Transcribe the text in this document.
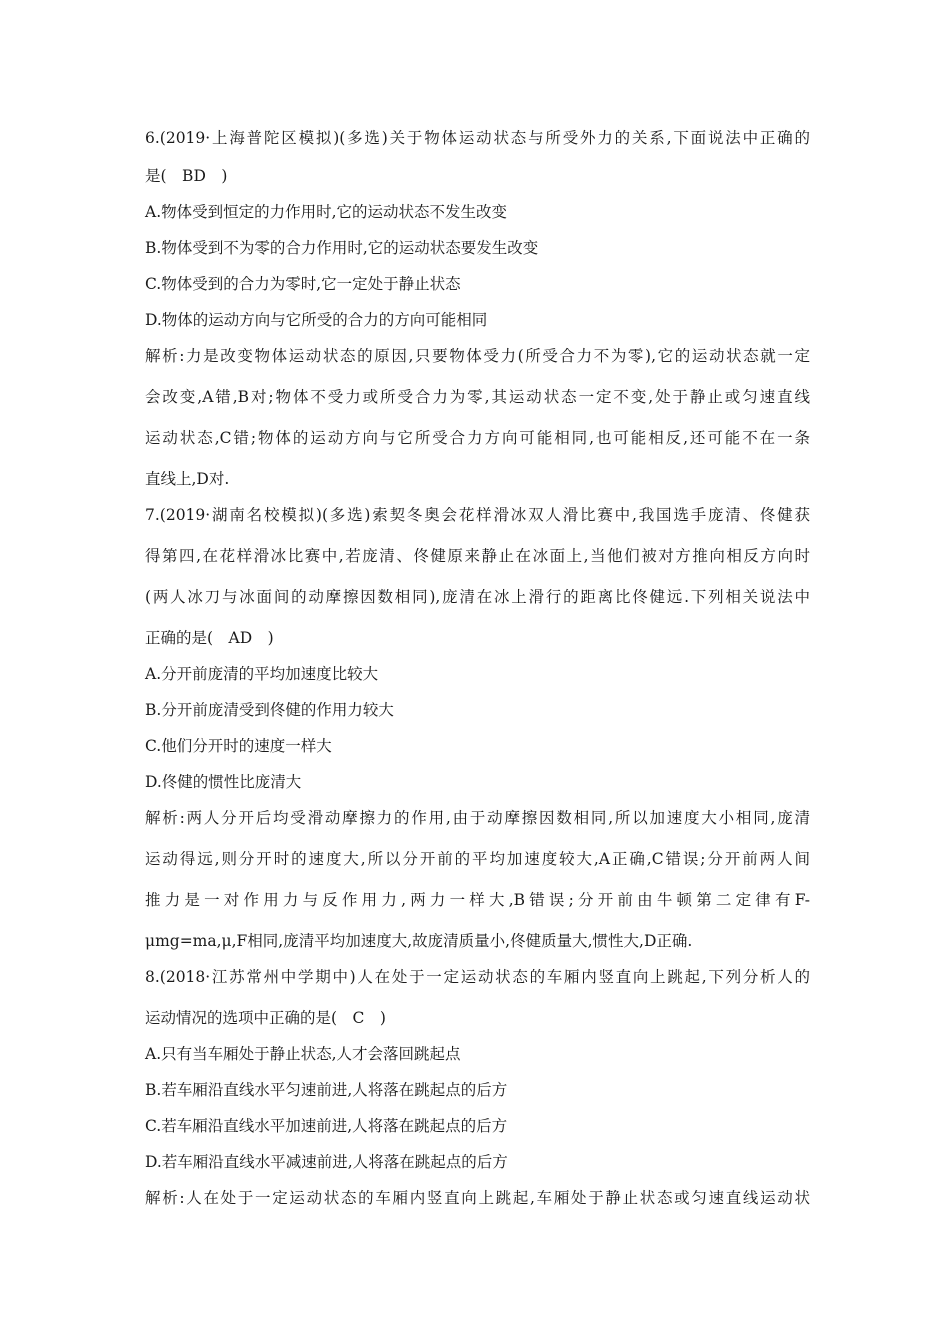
6.(2019·上海普陀区模拟)(多选)关于物体运动状态与所受外力的关系,下面说法中正确的
是(　BD　)
A.物体受到恒定的力作用时,它的运动状态不发生改变
B.物体受到不为零的合力作用时,它的运动状态要发生改变
C.物体受到的合力为零时,它一定处于静止状态
D.物体的运动方向与它所受的合力的方向可能相同
解析:力是改变物体运动状态的原因,只要物体受力(所受合力不为零),它的运动状态就一定
会改变,A错,B对;物体不受力或所受合力为零,其运动状态一定不变,处于静止或匀速直线
运动状态,C错;物体的运动方向与它所受合力方向可能相同,也可能相反,还可能不在一条
直线上,D对.
7.(2019·湖南名校模拟)(多选)索契冬奥会花样滑冰双人滑比赛中,我国选手庞清、佟健获
得第四,在花样滑冰比赛中,若庞清、佟健原来静止在冰面上,当他们被对方推向相反方向时
(两人冰刀与冰面间的动摩擦因数相同),庞清在冰上滑行的距离比佟健远.下列相关说法中
正确的是(　AD　)
A.分开前庞清的平均加速度比较大
B.分开前庞清受到佟健的作用力较大
C.他们分开时的速度一样大
D.佟健的惯性比庞清大
解析:两人分开后均受滑动摩擦力的作用,由于动摩擦因数相同,所以加速度大小相同,庞清
运动得远,则分开时的速度大,所以分开前的平均加速度较大,A正确,C错误;分开前两人间
推力是一对作用力与反作用力,两力一样大,B错误;分开前由牛顿第二定律有F-
μmg=ma,μ,F相同,庞清平均加速度大,故庞清质量小,佟健质量大,惯性大,D正确.
8.(2018·江苏常州中学期中)人在处于一定运动状态的车厢内竖直向上跳起,下列分析人的
运动情况的选项中正确的是(　C　)
A.只有当车厢处于静止状态,人才会落回跳起点
B.若车厢沿直线水平匀速前进,人将落在跳起点的后方
C.若车厢沿直线水平加速前进,人将落在跳起点的后方
D.若车厢沿直线水平减速前进,人将落在跳起点的后方
解析:人在处于一定运动状态的车厢内竖直向上跳起,车厢处于静止状态或匀速直线运动状
